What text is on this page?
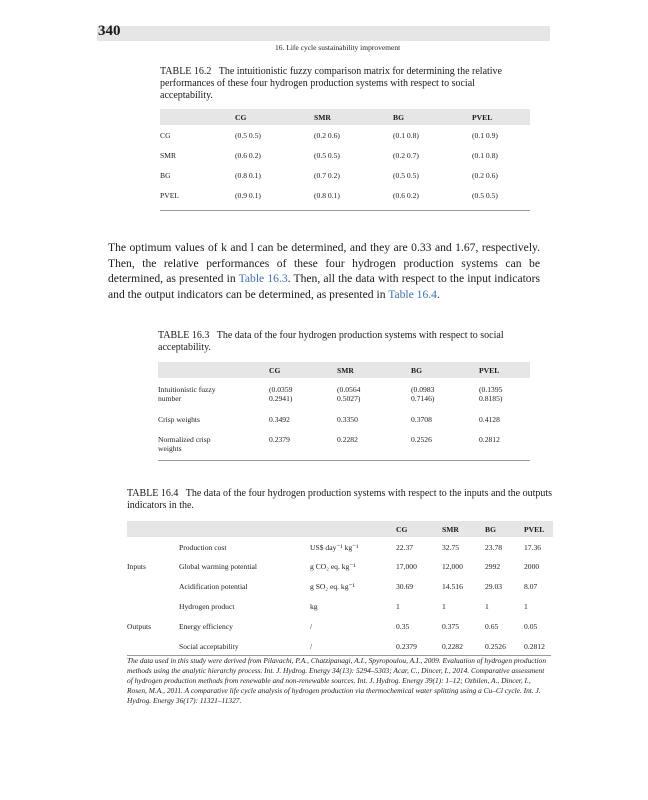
340
16. Life cycle sustainability improvement
TABLE 16.2 The intuitionistic fuzzy comparison matrix for determining the relative performances of these four hydrogen production systems with respect to social acceptability.
	CG	SMR	BG	PVEL
CG	(0.5 0.5)	(0.2 0.6)	(0.1 0.8)	(0.1 0.9)
SMR	(0.6 0.2)	(0.5 0.5)	(0.2 0.7)	(0.1 0.8)
BG	(0.8 0.1)	(0.7 0.2)	(0.5 0.5)	(0.2 0.6)
PVEL	(0.9 0.1)	(0.8 0.1)	(0.6 0.2)	(0.5 0.5)
The optimum values of k and l can be determined, and they are 0.33 and 1.67, respectively. Then, the relative performances of these four hydrogen production systems can be determined, as presented in Table 16.3. Then, all the data with respect to the input indicators and the output indicators can be determined, as presented in Table 16.4.
TABLE 16.3 The data of the four hydrogen production systems with respect to social acceptability.
	CG	SMR	BG	PVEL
Intuitionistic fuzzy number	(0.0359 0.2941)	(0.0564 0.5027)	(0.0983 0.7146)	(0.1395 0.8185)
Crisp weights	0.3492	0.3350	0.3708	0.4128
Normalized crisp weights	0.2379	0.2282	0.2526	0.2812
TABLE 16.4 The data of the four hydrogen production systems with respect to the inputs and the outputs indicators in the.
			CG	SMR	BG	PVEL
	Production cost	US$ day⁻¹ kg⁻¹	22.37	32.75	23.78	17.36
Inputs	Global warming potential	g CO₂ eq. kg⁻¹	17,000	12,000	2992	2000
	Acidification potential	g SO₂ eq. kg⁻¹	30.69	14.516	29.03	8.07
	Hydrogen product	kg	1	1	1	1
Outputs	Energy efficiency	/	0.35	0.375	0.65	0.05
	Social acceptability	/	0.2379	0.2282	0.2526	0.2812
The data used in this study were derived from Pilavachi, P.A., Chatzipanagi, A.I., Spyropoulou, A.I., 2009. Evaluation of hydrogen production methods using the analytic hierarchy process. Int. J. Hydrog. Energy 34(13): 5294–5303; Acar, C., Dincer, I., 2014. Comparative assessment of hydrogen production methods from renewable and non-renewable sources. Int. J. Hydrog. Energy 39(1): 1–12; Ozbilen, A., Dincer, I., Rosen, M.A., 2011. A comparative life cycle analysis of hydrogen production via thermochemical water splitting using a Cu–Cl cycle. Int. J. Hydrog. Energy 36(17): 11321–11327.
